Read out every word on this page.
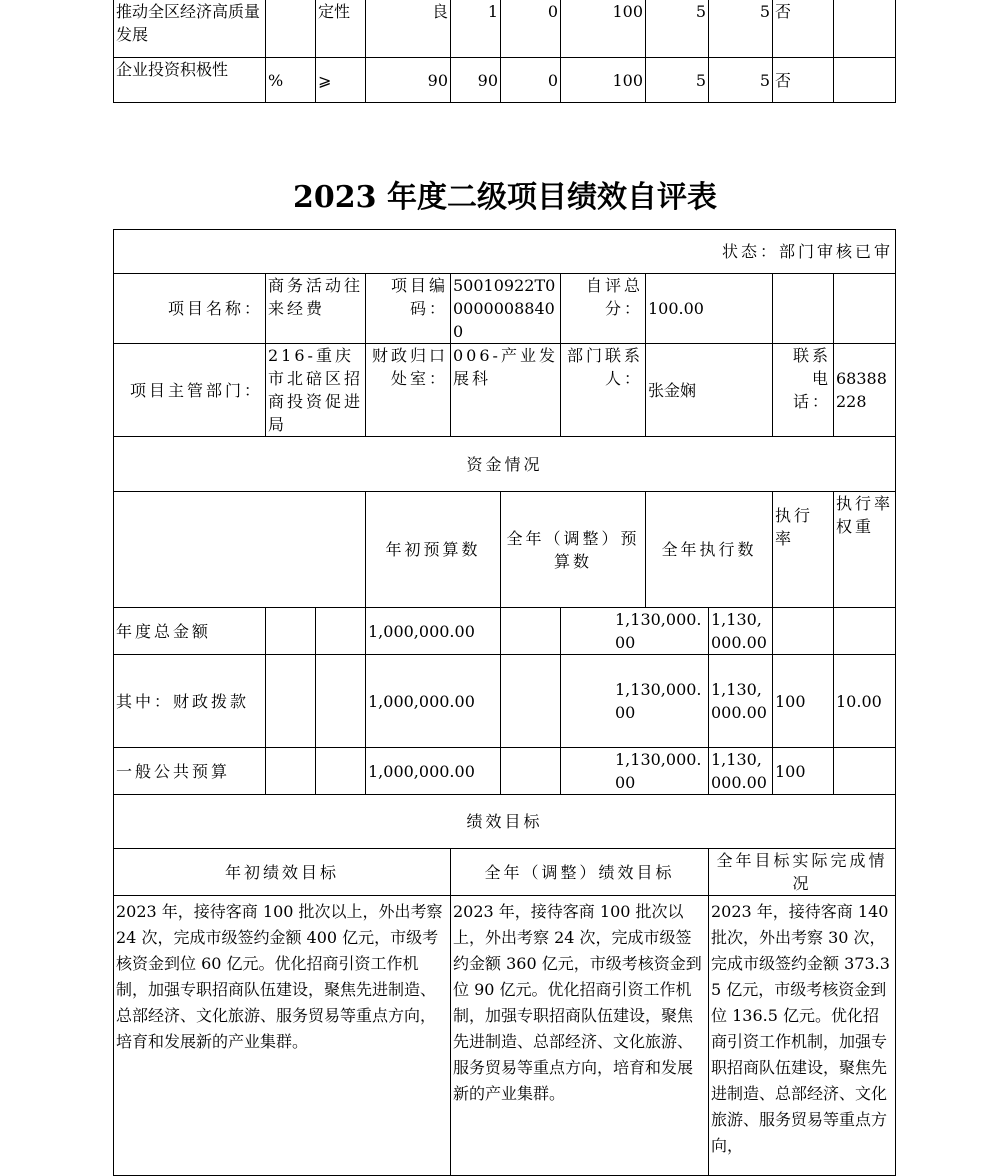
推动全区经济高质量发展		定性	良	1	0	100	5	5	否	
企业投资积极性	%	⩾	90	90	0	100	5	5	否	
2023 年度二级项目绩效自评表
状态：部门审核已审											
项目名称：	商务活动往来经费		项目编码：	50010922T000000088400		自评总分：	100.00				
项目主管部门：	216-重庆市北碚区招商投资促进局		财政归口处室：	006-产业发展科		部门联系人：	张金娴		联系电话：	68388228	
资金情况											
			年初预算数		全年（调整）预算数		全年执行数		执行率	执行率权重	
年度总金额			1,000,000.00			1,130,000.00		1,130,000.00			
其中：财政拨款			1,000,000.00			1,130,000.00		1,130,000.00	100	10.00	
一般公共预算			1,000,000.00			1,130,000.00		1,130,000.00	100		
绩效目标											
年初绩效目标				全年（调整）绩效目标				全年目标实际完成情况			
2023 年，接待客商 100 批次以上，外出考察 24 次，完成市级签约金额 400 亿元，市级考核资金到位 60 亿元。优化招商引资工作机制，加强专职招商队伍建设，聚焦先进制造、总部经济、文化旅游、服务贸易等重点方向，培育和发展新的产业集群。				2023 年，接待客商 100 批次以上，外出考察 24 次，完成市级签约金额 360 亿元，市级考核资金到位 90 亿元。优化招商引资工作机制，加强专职招商队伍建设，聚焦先进制造、总部经济、文化旅游、服务贸易等重点方向，培育和发展新的产业集群。				2023 年，接待客商 140 批次，外出考察 30 次，完成市级签约金额 373.35 亿元，市级考核资金到位 136.5 亿元。优化招商引资工作机制，加强专职招商队伍建设，聚焦先进制造、总部经济、文化旅游、服务贸易等重点方向，			
